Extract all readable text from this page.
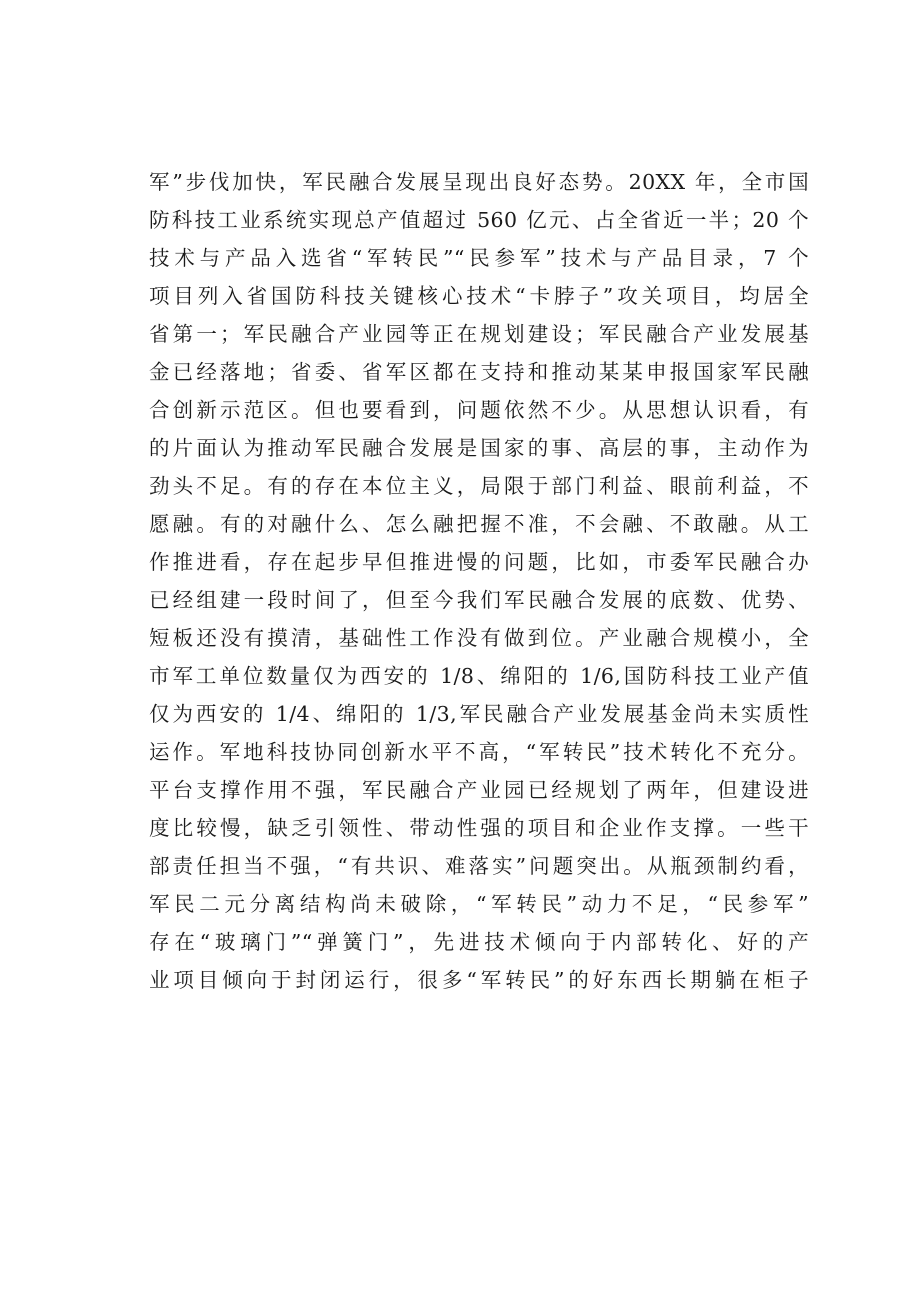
军”步伐加快，军民融合发展呈现出良好态势。20XX 年，全市国
防科技工业系统实现总产值超过 560 亿元、占全省近一半；20 个
技术与产品入选省“军转民”“民参军”技术与产品目录，7 个
项目列入省国防科技关键核心技术“卡脖子”攻关项目，均居全
省第一；军民融合产业园等正在规划建设；军民融合产业发展基
金已经落地；省委、省军区都在支持和推动某某申报国家军民融
合创新示范区。但也要看到，问题依然不少。从思想认识看，有
的片面认为推动军民融合发展是国家的事、高层的事，主动作为
劲头不足。有的存在本位主义，局限于部门利益、眼前利益，不
愿融。有的对融什么、怎么融把握不准，不会融、不敢融。从工
作推进看，存在起步早但推进慢的问题，比如，市委军民融合办
已经组建一段时间了，但至今我们军民融合发展的底数、优势、
短板还没有摸清，基础性工作没有做到位。产业融合规模小，全
市军工单位数量仅为西安的 1/8、绵阳的 1/6,国防科技工业产值
仅为西安的 1/4、绵阳的 1/3,军民融合产业发展基金尚未实质性
运作。军地科技协同创新水平不高，“军转民”技术转化不充分。
平台支撑作用不强，军民融合产业园已经规划了两年，但建设进
度比较慢，缺乏引领性、带动性强的项目和企业作支撑。一些干
部责任担当不强，“有共识、难落实”问题突出。从瓶颈制约看，
军民二元分离结构尚未破除，“军转民”动力不足，“民参军”
存在“玻璃门”“弹簧门”，先进技术倾向于内部转化、好的产
业项目倾向于封闭运行，很多“军转民”的好东西长期躺在柜子
